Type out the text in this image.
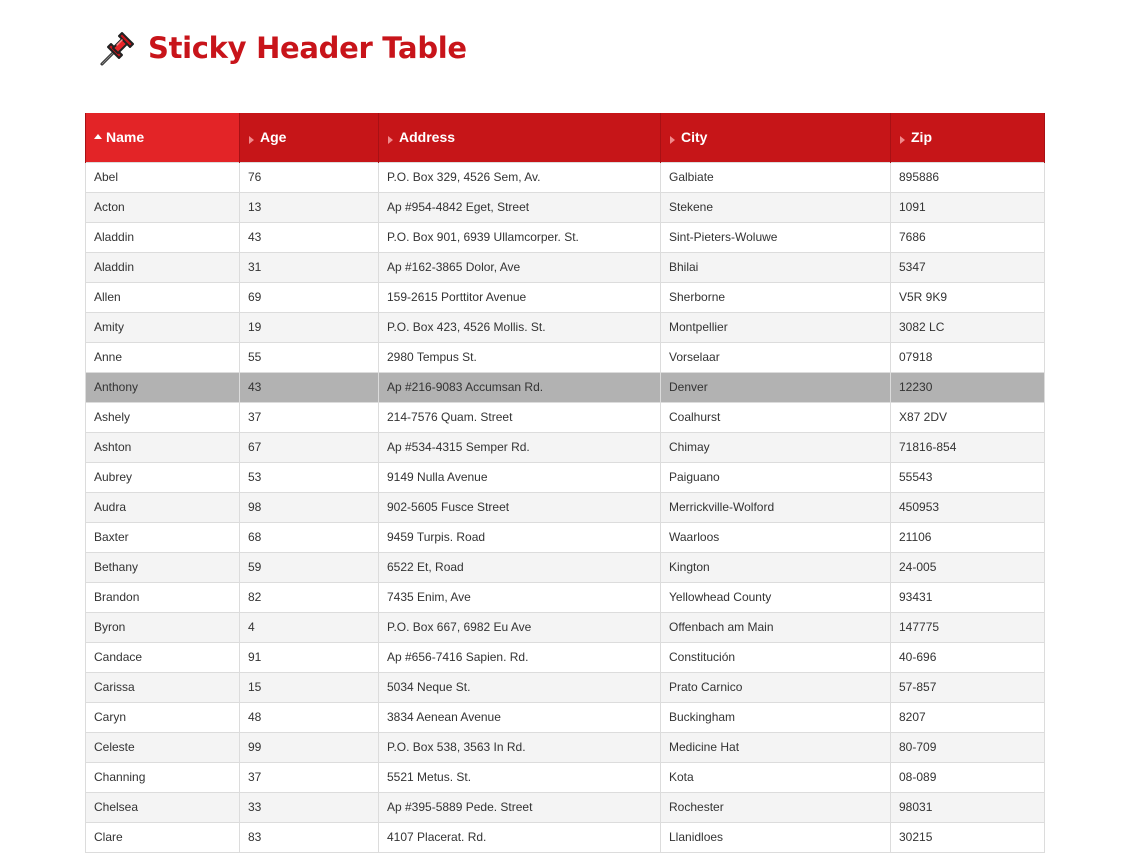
Sticky Header Table
Name	Age	Address	City	Zip
Abel	76	P.O. Box 329, 4526 Sem, Av.	Galbiate	895886
Acton	13	Ap #954-4842 Eget, Street	Stekene	1091
Aladdin	43	P.O. Box 901, 6939 Ullamcorper. St.	Sint-Pieters-Woluwe	7686
Aladdin	31	Ap #162-3865 Dolor, Ave	Bhilai	5347
Allen	69	159-2615 Porttitor Avenue	Sherborne	V5R 9K9
Amity	19	P.O. Box 423, 4526 Mollis. St.	Montpellier	3082 LC
Anne	55	2980 Tempus St.	Vorselaar	07918
Anthony	43	Ap #216-9083 Accumsan Rd.	Denver	12230
Ashely	37	214-7576 Quam. Street	Coalhurst	X87 2DV
Ashton	67	Ap #534-4315 Semper Rd.	Chimay	71816-854
Aubrey	53	9149 Nulla Avenue	Paiguano	55543
Audra	98	902-5605 Fusce Street	Merrickville-Wolford	450953
Baxter	68	9459 Turpis. Road	Waarloos	21106
Bethany	59	6522 Et, Road	Kington	24-005
Brandon	82	7435 Enim, Ave	Yellowhead County	93431
Byron	4	P.O. Box 667, 6982 Eu Ave	Offenbach am Main	147775
Candace	91	Ap #656-7416 Sapien. Rd.	Constitución	40-696
Carissa	15	5034 Neque St.	Prato Carnico	57-857
Caryn	48	3834 Aenean Avenue	Buckingham	8207
Celeste	99	P.O. Box 538, 3563 In Rd.	Medicine Hat	80-709
Channing	37	5521 Metus. St.	Kota	08-089
Chelsea	33	Ap #395-5889 Pede. Street	Rochester	98031
Clare	83	4107 Placerat. Rd.	Llanidloes	30215
